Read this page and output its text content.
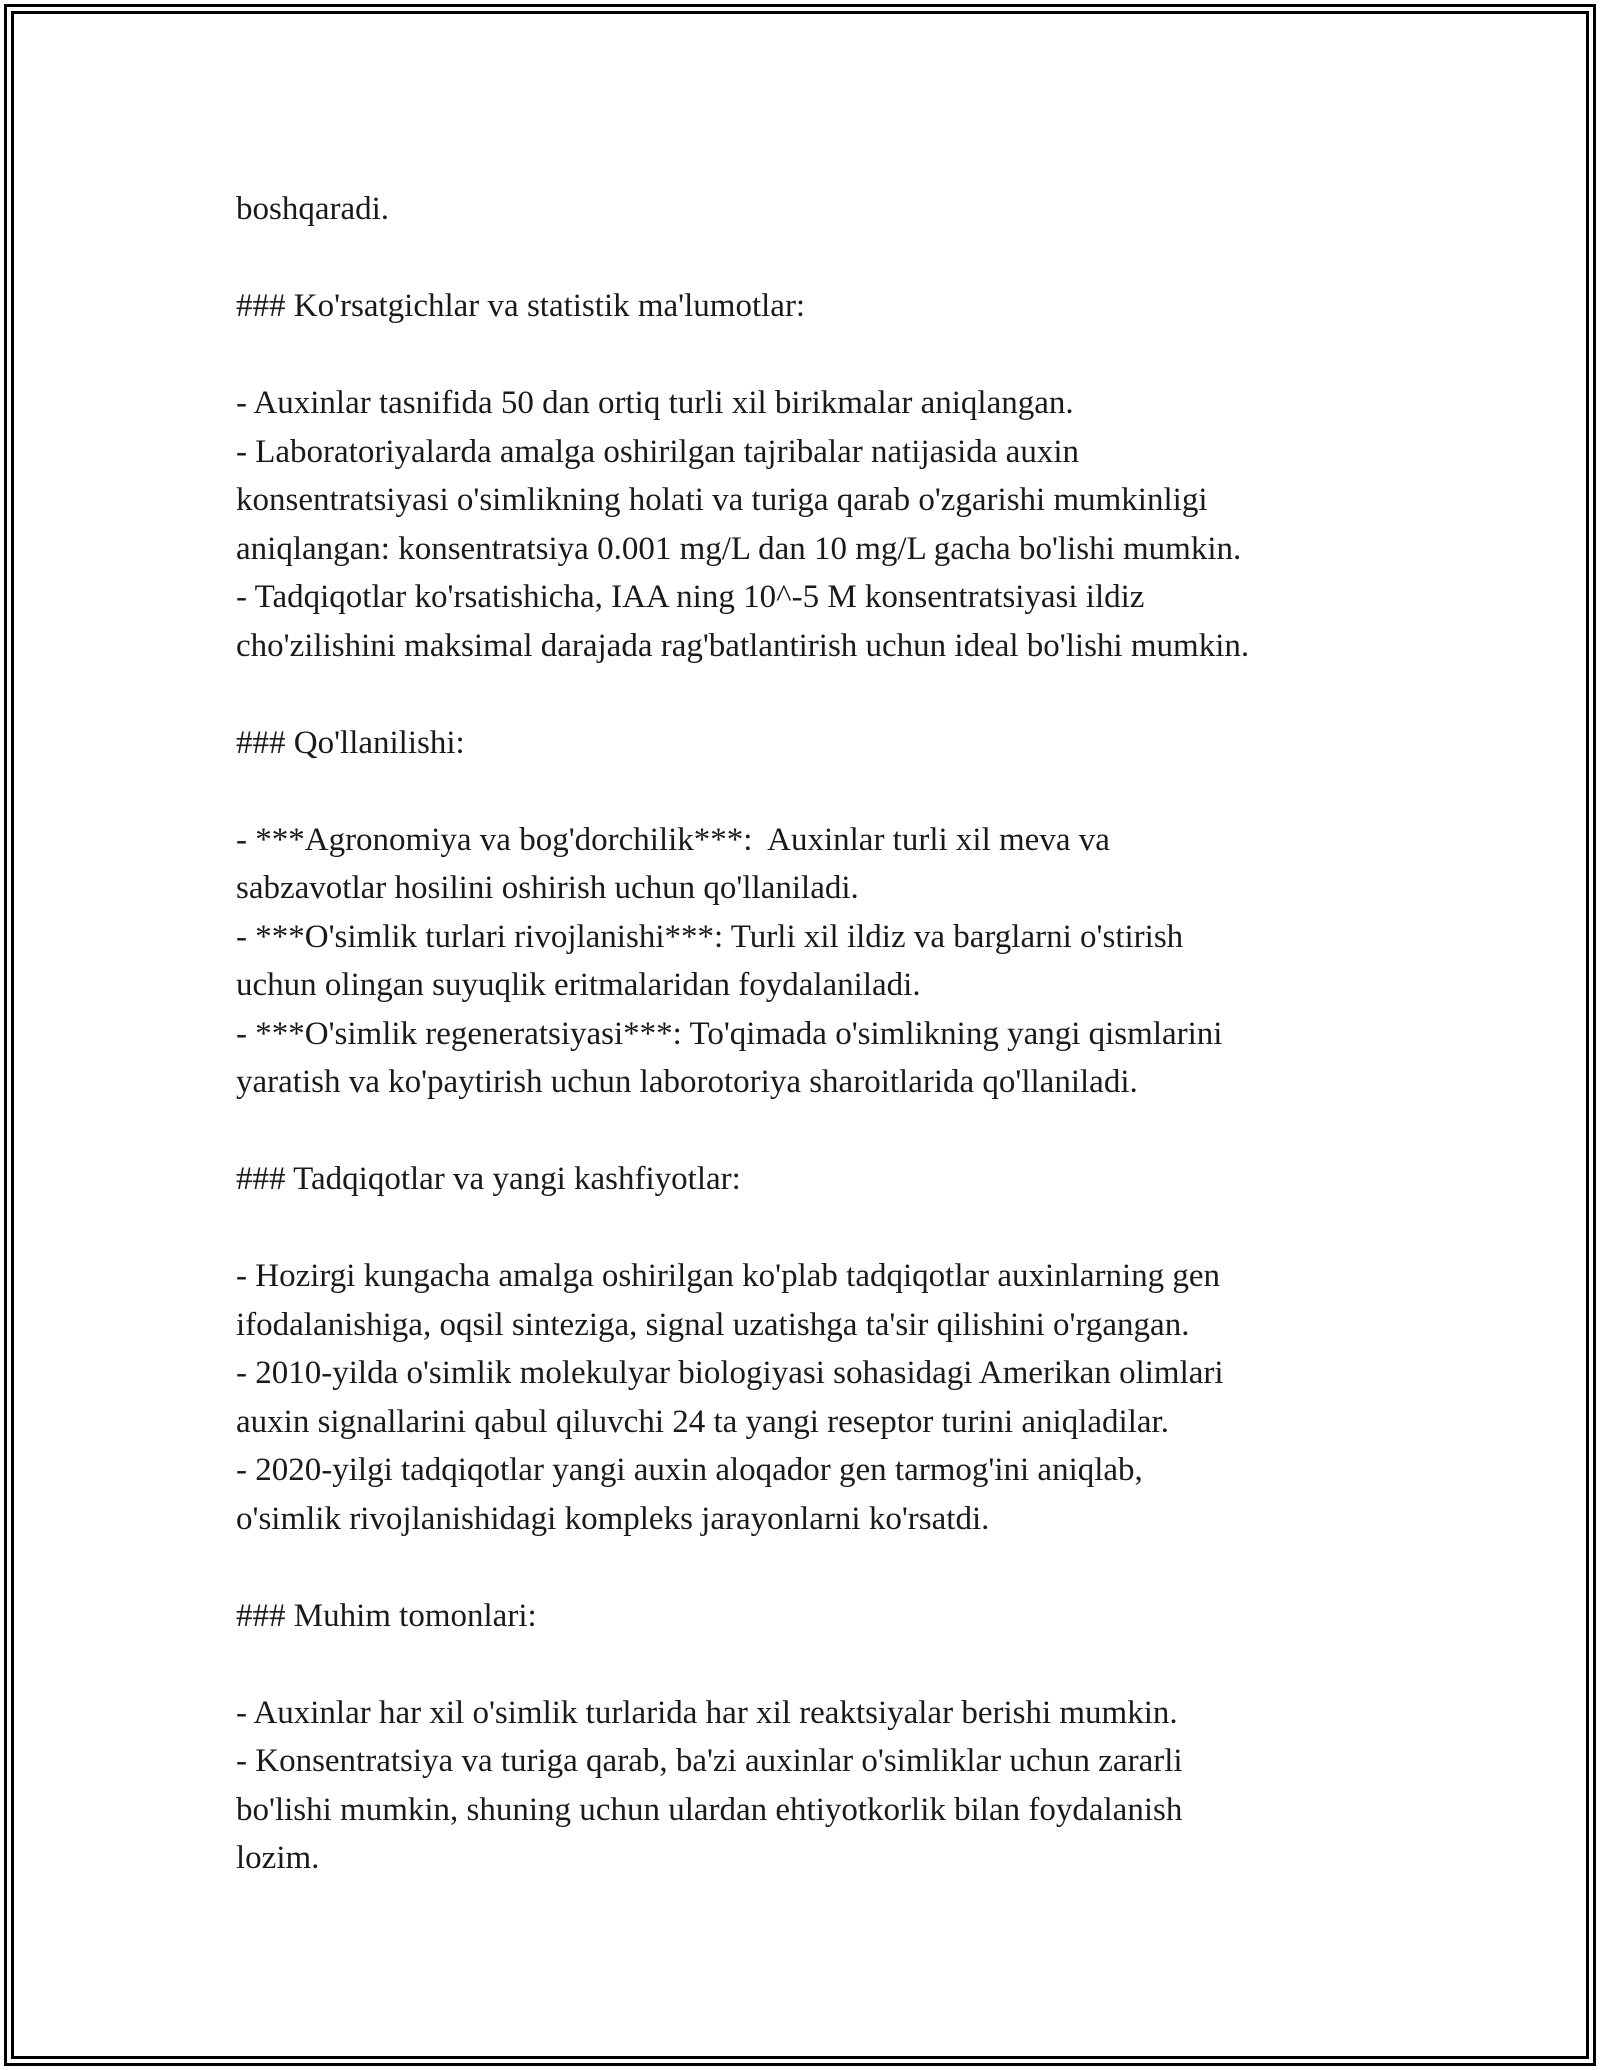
boshqaradi.
### Ko'rsatgichlar va statistik ma'lumotlar:
- Auxinlar tasnifida 50 dan ortiq turli xil birikmalar aniqlangan.
- Laboratoriyalarda amalga oshirilgan tajribalar natijasida auxin
konsentratsiyasi o'simlikning holati va turiga qarab o'zgarishi mumkinligi
aniqlangan: konsentratsiya 0.001 mg/L dan 10 mg/L gacha bo'lishi mumkin.
- Tadqiqotlar ko'rsatishicha, IAA ning 10^-5 M konsentratsiyasi ildiz
cho'zilishini maksimal darajada rag'batlantirish uchun ideal bo'lishi mumkin.
### Qo'llanilishi:
- ***Agronomiya va bog'dorchilik***:  Auxinlar turli xil meva va
sabzavotlar hosilini oshirish uchun qo'llaniladi.
- ***O'simlik turlari rivojlanishi***: Turli xil ildiz va barglarni o'stirish
uchun olingan suyuqlik eritmalaridan foydalaniladi.
- ***O'simlik regeneratsiyasi***: To'qimada o'simlikning yangi qismlarini
yaratish va ko'paytirish uchun laborotoriya sharoitlarida qo'llaniladi.
### Tadqiqotlar va yangi kashfiyotlar:
- Hozirgi kungacha amalga oshirilgan ko'plab tadqiqotlar auxinlarning gen
ifodalanishiga, oqsil sinteziga, signal uzatishga ta'sir qilishini o'rgangan.
- 2010-yilda o'simlik molekulyar biologiyasi sohasidagi Amerikan olimlari
auxin signallarini qabul qiluvchi 24 ta yangi reseptor turini aniqladilar.
- 2020-yilgi tadqiqotlar yangi auxin aloqador gen tarmog'ini aniqlab,
o'simlik rivojlanishidagi kompleks jarayonlarni ko'rsatdi.
### Muhim tomonlari:
- Auxinlar har xil o'simlik turlarida har xil reaktsiyalar berishi mumkin.
- Konsentratsiya va turiga qarab, ba'zi auxinlar o'simliklar uchun zararli
bo'lishi mumkin, shuning uchun ulardan ehtiyotkorlik bilan foydalanish
lozim.
